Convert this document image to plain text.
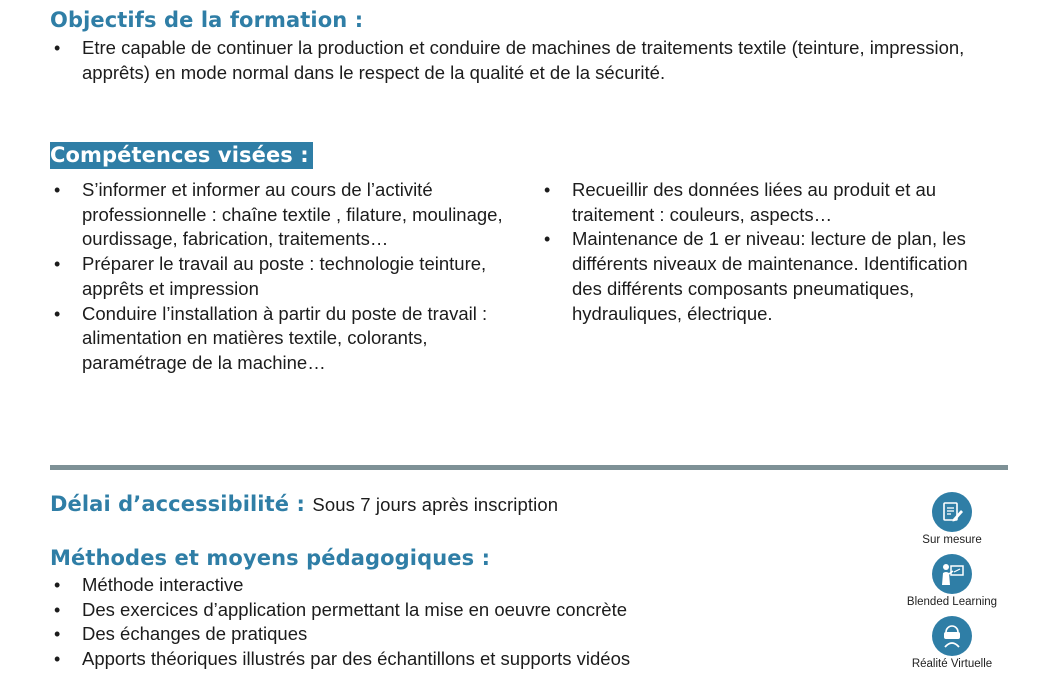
Objectifs de la formation :
• Etre capable de continuer la production et conduire de machines de traitements textile (teinture, impression, apprêts) en mode normal dans le respect de la qualité et de la sécurité.
Compétences visées :
• S’informer et informer au cours de l’activité professionnelle : chaîne textile , filature, moulinage, ourdissage, fabrication, traitements…
• Préparer le travail au poste : technologie teinture, apprêts et impression
• Conduire l’installation à partir du poste de travail : alimentation en matières textile, colorants, paramétrage de la machine…
• Recueillir des données liées au produit et au traitement : couleurs, aspects…
• Maintenance de 1 er niveau: lecture de plan, les différents niveaux de maintenance. Identification des différents composants pneumatiques, hydrauliques, électrique.
Délai d’accessibilité : Sous 7 jours après inscription
Méthodes et moyens pédagogiques :
• Méthode interactive
• Des exercices d’application permettant la mise en oeuvre concrète
• Des échanges de pratiques
• Apports théoriques illustrés par des échantillons et supports vidéos
Sur mesure
Blended Learning
Réalité Virtuelle
